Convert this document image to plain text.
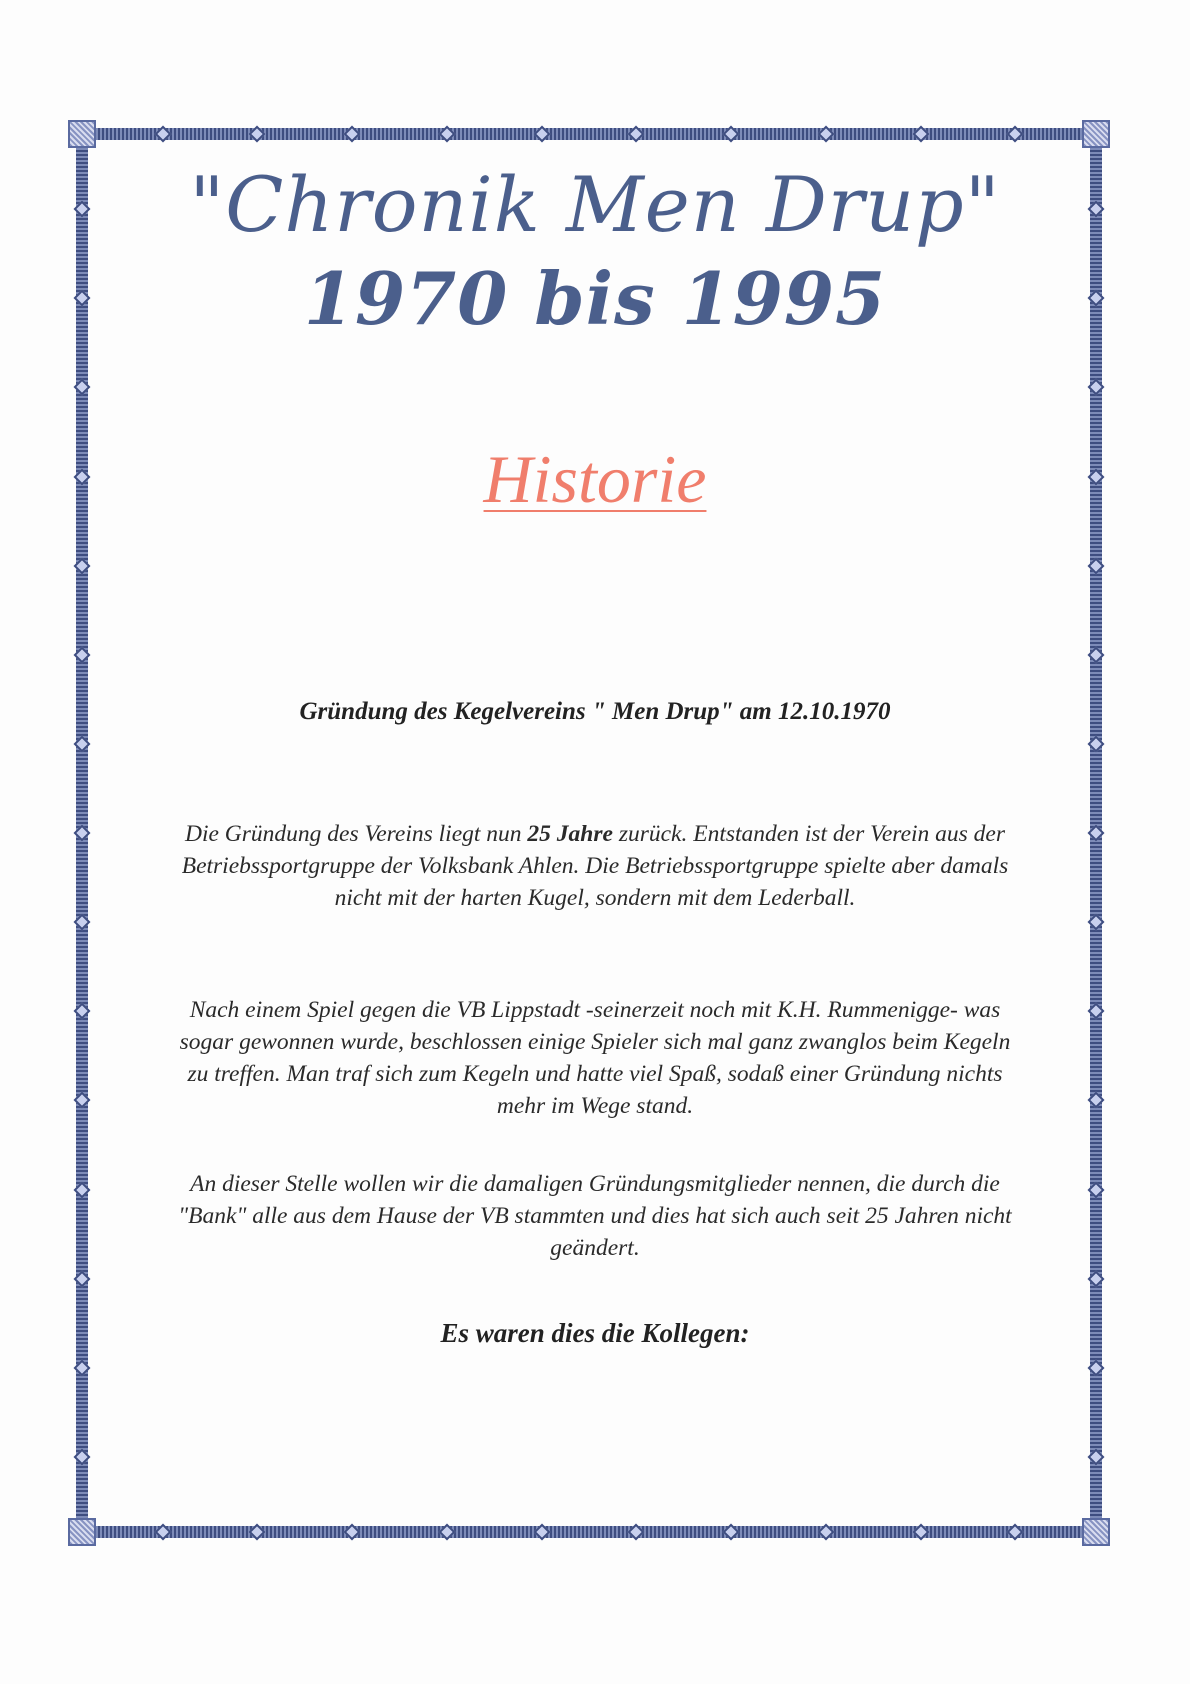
"Chronik Men Drup"
1970 bis 1995
Historie
Gründung des Kegelvereins " Men Drup" am 12.10.1970
Die Gründung des Vereins liegt nun 25 Jahre zurück. Entstanden ist der Verein aus der Betriebssportgruppe der Volksbank Ahlen. Die Betriebssportgruppe spielte aber damals nicht mit der harten Kugel, sondern mit dem Lederball.
Nach einem Spiel gegen die VB Lippstadt -seinerzeit noch mit K.H. Rummenigge- was sogar gewonnen wurde, beschlossen einige Spieler sich mal ganz zwanglos beim Kegeln zu treffen. Man traf sich zum Kegeln und hatte viel Spaß, sodaß einer Gründung nichts mehr im Wege stand.
An dieser Stelle wollen wir die damaligen Gründungsmitglieder nennen, die durch die "Bank" alle aus dem Hause der VB stammten und dies hat sich auch seit 25 Jahren nicht geändert.
Es waren dies die Kollegen:
